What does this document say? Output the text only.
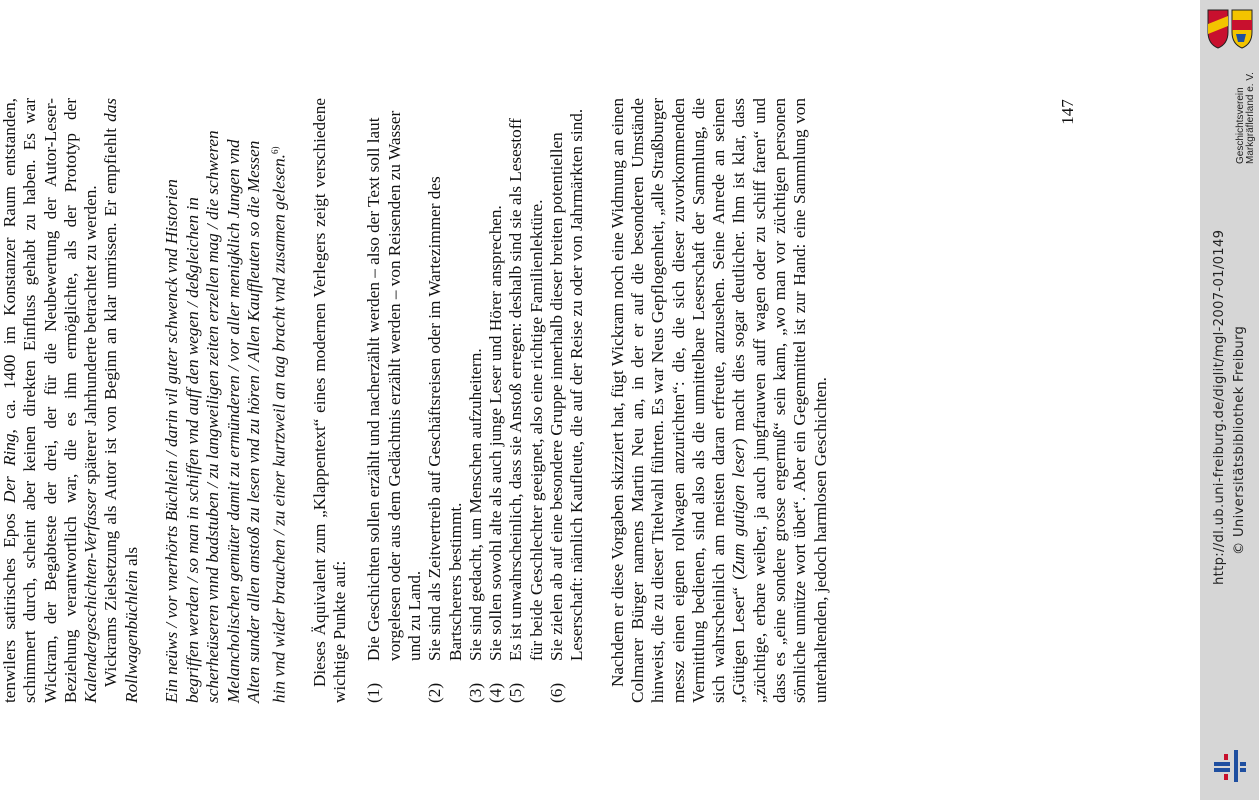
tenwilers satirisches Epos Der Ring, ca. 1400 im Konstanzer Raum entstanden, schimmert durch, scheint aber keinen direkten Einfluss gehabt zu haben. Es war Wickram, der Begabteste der drei, der für die Neubewertung der Autor-Leser-Beziehung verantwortlich war, die es ihm ermöglichte, als der Prototyp der Kalendergeschichten-Verfasser späterer Jahrhunderte betrachtet zu werden. Wickrams Zielsetzung als Autor ist von Beginn an klar umrissen. Er empfiehlt das Rollwagenbüchlein als Ein neüws / vor vnerhörts Büchlein / darin vil guter schwenck vnd Historien begriffen werden / so man in schiffen vnd auff den wegen / deßgleichen in scherheüseren vnnd badstuben / zu langweiligen zeiten erzellen mag / die schweren Melancholischen gemüter damit zu ermünderen / vor aller menigklich Jungen vnd Alten sunder allen anstoß zu lesen vnd zu hören / Allen Kauffleuten so die Messen hin vnd wider brauchen / zu einer kurtzweil an tag bracht vnd zusamen gelesen.$^{6)}$	Dieses Äquivalent zum „Klappentext“ eines modernen Verlegers zeigt verschiedene wichtige Punkte auf: (1)
Die Geschichten sollen erzählt und nacherzählt werden – also der Text soll laut vorgelesen oder aus dem Gedächtnis erzählt werden – von Reisenden zu Wasser und zu Land.
(2)
Sie sind als Zeitvertreib auf Geschäftsreisen oder im Wartezimmer des Bartscherers bestimmt.
(3)
Sie sind gedacht, um Menschen aufzuheitern.
(4)
Sie sollen sowohl alte als auch junge Leser und Hörer ansprechen.
(5)
Es ist unwahrscheinlich, dass sie Anstoß erregen: deshalb sind sie als Lesestoff für beide Geschlechter geeignet, also eine richtige Familienlektüre.
(6)
Sie zielen ab auf eine besondere Gruppe innerhalb dieser breiten potentiellen Leserschaft: nämlich Kaufleute, die auf der Reise zu oder von Jahrmärkten sind. Nachdem er diese Vorgaben skizziert hat, fügt Wickram noch eine Widmung an einen Colmarer Bürger namens Martin Neu an, in der er auf die besonderen Umstände hinweist, die zu dieser Titelwahl führten. Es war Neus Gepflogenheit, „alle Straßburger messz einen eignen rollwagen anzurichten“: die, die sich dieser zuvorkommenden Vermittlung bedienen, sind also als die unmittelbare Leserschaft der Sammlung, die sich wahrscheinlich am meisten daran erfreute, anzusehen. Seine Anrede an seinen „Gütigen Leser“ (Zum gutigen leser) macht dies sogar deutlicher. Ihm ist klar, dass „züchtige, erbare weiber, ja auch jungfrauwen auff wagen oder zu schiff faren“ und dass es „eine sondere grosse ergernuß“ sein kann, „wo man vor züchtigen personen sömliche unnütze wort übet“. Aber ein Gegenmittel ist zur Hand: eine Sammlung von unterhaltenden, jedoch harmlosen Geschichten.

147
http://dl.ub.uni-freiburg.de/diglit/mgl-2007-01/0149 © Universitätsbibliothek Freiburg
Geschichtsverein Markgräflerland e. V.
